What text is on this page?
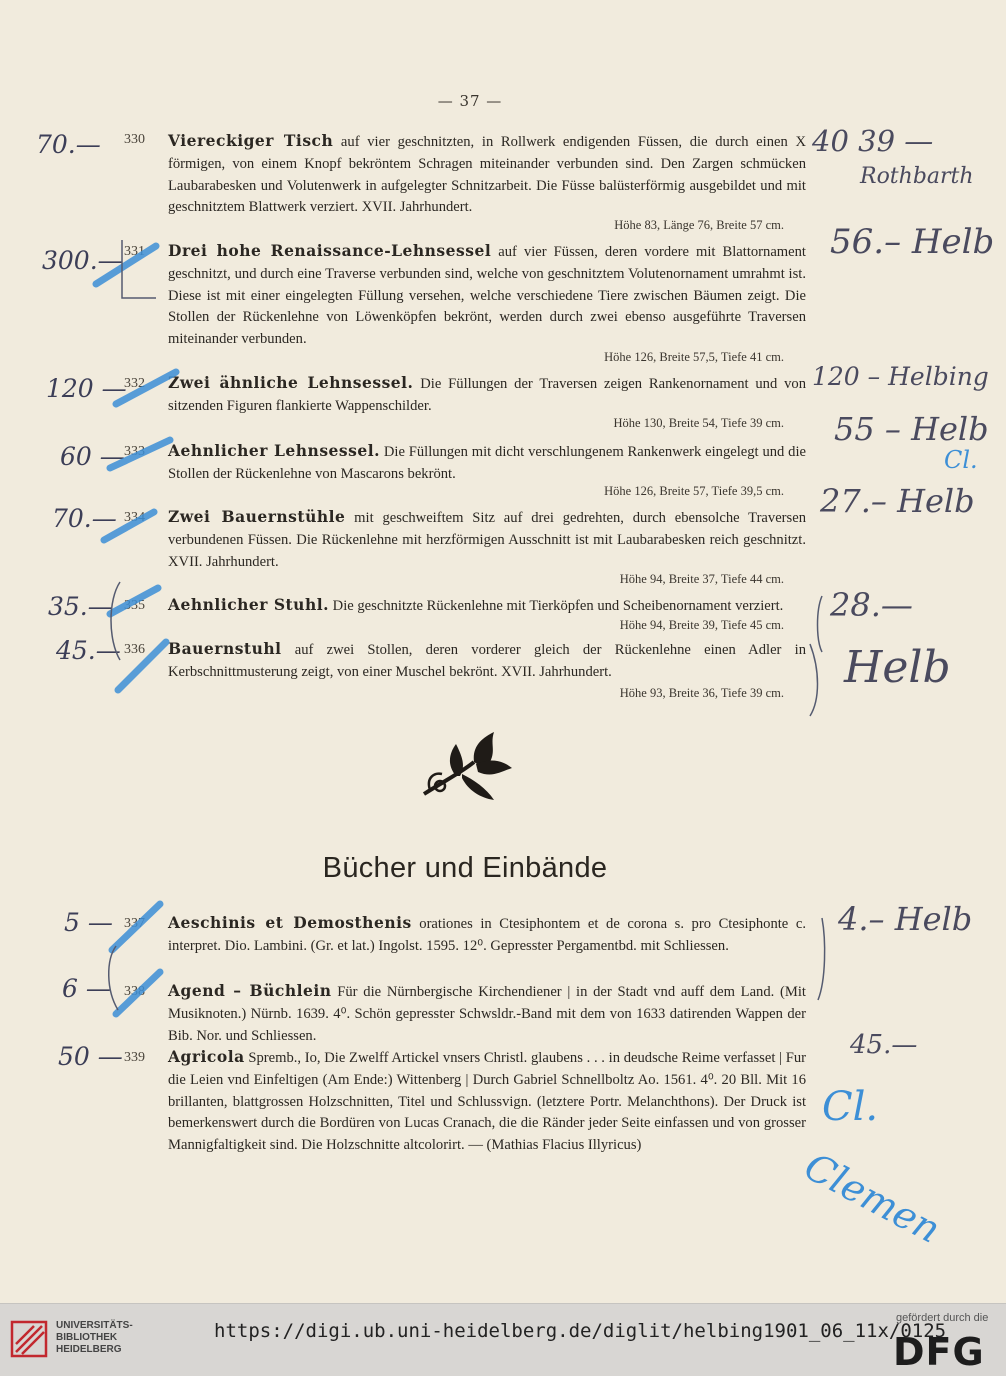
— 37 —
330
70.—	Viereckiger Tisch auf vier geschnitzten, in Rollwerk endigenden Füssen, die durch einen X förmigen, von einem Knopf bekröntem Schragen miteinander verbunden sind. Den Zargen schmücken Laubarabesken und Volutenwerk in aufgelegter Schnitzarbeit. Die Füsse balüsterförmig ausgebildet und mit geschnitztem Blattwerk verziert. XVII. Jahrhundert.

Höhe 83, Länge 76, Breite 57 cm.
331
300.—	Drei hohe Renaissance-Lehnsessel auf vier Füssen, deren vordere mit Blattornament geschnitzt, und durch eine Traverse verbunden sind, welche von geschnitztem Volutenornament umrahmt ist. Diese ist mit einer eingelegten Füllung versehen, welche verschiedene Tiere zwischen Bäumen zeigt. Die Stollen der Rückenlehne von Löwenköpfen bekrönt, werden durch zwei ebenso ausgeführte Traversen miteinander verbunden.

Höhe 126, Breite 57,5, Tiefe 41 cm.
332
120 —	Zwei ähnliche Lehnsessel. Die Füllungen der Traversen zeigen Rankenornament und von sitzenden Figuren flankierte Wappenschilder.

Höhe 130, Breite 54, Tiefe 39 cm.
333
60 —	Aehnlicher Lehnsessel. Die Füllungen mit dicht verschlungenem Rankenwerk eingelegt und die Stollen der Rückenlehne von Mascarons bekrönt.

Höhe 126, Breite 57, Tiefe 39,5 cm.
334
70.—	Zwei Bauernstühle mit geschweiftem Sitz auf drei gedrehten, durch ebensolche Traversen verbundenen Füssen. Die Rückenlehne mit herzförmigen Ausschnitt ist mit Laubarabesken reich geschnitzt. XVII. Jahrhundert.

Höhe 94, Breite 37, Tiefe 44 cm.
335
35.—	Aehnlicher Stuhl. Die geschnitzte Rückenlehne mit Tierköpfen und Scheibenornament verziert.

Höhe 94, Breite 39, Tiefe 45 cm.
336
45.—	Bauernstuhl auf zwei Stollen, deren vorderer gleich der Rückenlehne einen Adler in Kerbschnittmusterung zeigt, von einer Muschel bekrönt. XVII. Jahrhundert.

Höhe 93, Breite 36, Tiefe 39 cm.
Bücher und Einbände
337
5 —	Aeschinis et Demosthenis orationes in Ctesiphontem et de corona s. pro Ctesiphonte c. interpret. Dio. Lambini. (Gr. et lat.) Ingolst. 1595. 12⁰. Gepresster Pergamentbd. mit Schliessen.

338
6 —	Agend – Büchlein Für die Nürnbergische Kirchendiener | in der Stadt vnd auff dem Land. (Mit Musiknoten.) Nürnb. 1639. 4⁰. Schön gepresster Schwsldr.-Band mit dem von 1633 datirenden Wappen der Bib. Nor. und Schliessen.

339
50 —	Agricola Spremb., Io, Die Zwelff Artickel vnsers Christl. glaubens . . . in deudsche Reime verfasset | Fur die Leien vnd Einfeltigen (Am Ende:) Wittenberg | Durch Gabriel Schnellboltz Ao. 1561. 4⁰. 20 Bll. Mit 16 brillanten, blattgrossen Holzschnitten, Titel und Schlussvign. (letztere Portr. Melanchthons). Der Druck ist bemerkenswert durch die Bordüren von Lucas Cranach, die die Ränder jeder Seite einfassen und von grosser Mannigfaltigkeit sind. Die Holzschnitte altcolorirt. — (Mathias Flacius Illyricus)

40 39 —
Rothbarth
56.– Helb
120 – Helbing
55 – Helb
Cl.
27.– Helb
28.—
Helb
4.– Helb
45.—
Cl.
Clemen
UNIVERSITÄTS-
BIBLIOTHEK
HEIDELBERG
https://digi.ub.uni-heidelberg.de/diglit/helbing1901_06_11x/0125
gefördert durch die
DFG
